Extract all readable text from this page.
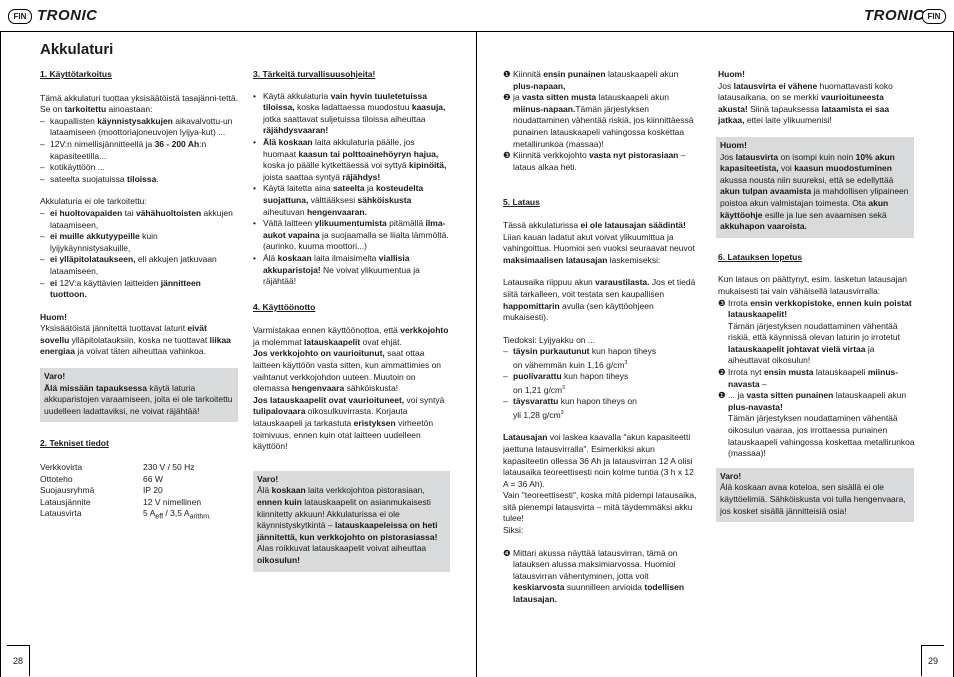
FIN TRONIC	TRONIC FIN
Akkulaturi

1. Käyttötarkoitus

Tämä akkulaturi tuottaa yksisäätöistä tasajänni-tettä. Se on tarkoitettu ainoastaan:

– kaupallisten käynnistysakkujen aikavalvottu-un lataamiseen (moottoriajoneuvojen lyijya-kut) ...
– 12V:n nimellisjännitteellä ja 36 - 200 Ah:n kapasiteetilla...
– kotikäyttöön ...
– sateelta suojatuissa tiloissa.

Akkulaturia ei ole tarkoitettu:

– ei huoltovapaiden tai vähähuoltoisten akkujen lataamiseen,
– ei muille akkutyypeille kuin lyijykäynnistysakuille,
– ei ylläpitolataukseen, eli akkujen jatkuvaan lataamiseen,
– ei 12V:a käyttävien laitteiden jännitteen tuottoon.

Huom!

Yksisäätöistä jännitettä tuottavat laturit eivät sovellu ylläpitolatauksiin, koska ne tuottavat liikaa energiaa ja voivat täten aiheuttaa vahinkoa.

Varo!

Älä missään tapauksessa käytä laturia akkuparistojen varaamiseen, joita ei ole tarkoitettu uudelleen ladattaviksi, ne voivat räjähtää!

2. Tekniset tiedot

Verkkovirta	230 V / 50 Hz
Ottoteho	66 W
Suojausryhmä	IP 20
Latausjännite	12 V nimellinen
Latausvirta	5 $A_{eff} / 3,5$ $A_{arithm.}$

3. Tärkeitä turvallisuusohjeita!

• Käytä akkulaturia vain hyvin tuuletetuissa tiloissa, koska ladattaessa muodostuu kaasuja, jotka saattavat suljetuissa tiloissa aiheuttaa räjähdysvaaran!
• Älä koskaan laita akkulaturia päälle, jos huomaat kaasun tai polttoainehöyryn hajua, koska jo päälle kytkettäessä voi syttyä kipinöitä, joista saattaa syntyä räjähdys!
• Käytä laitetta aina sateelta ja kosteudelta suojattuna, välttääksesi sähköiskusta aiheutuvan hengenvaaran.
• Vältä laitteen ylikuumentumista pitämällä ilma-aukot vapaina ja suojaamalla se liialta lämmöltä. (aurinko, kuuma moottori...)
• Älä koskaan laita ilmaisimelta viallisia akkuparistoja! Ne voivat ylikuumentua ja räjähtää!

4. Käyttöönotto

Varmistakaa ennen käyttöönottoa, että verkkojohto ja molemmat latauskaapelit ovat ehjät.

Jos verkkojohto on vaurioitunut, saat ottaa laitteen käyttöön vasta sitten, kun ammattimies on vaihtanut verkkojohdon uuteen. Muutoin on olemassa hengenvaara sähköiskusta!

Jos latauskaapelit ovat vaurioituneet, voi syntyä tulipalovaara oikosulkuvirrasta. Korjauta latauskaapeli ja tarkastuta eristyksen virheetön toimivuus, ennen kuin otat laitteen uudelleen käyttöön!

Varo!

Älä koskaan laita verkkojohtoa pistorasiaan, ennen kuin latauskaapelit on asianmukaisesti kiinnitetty akkuun! Akkulaturissa ei ole käynnistyskytkintä – latauskaapeleissa on heti jännitettä, kun verkkojohto on pistorasiassa! Alas roikkuvat latauskaapelit voivat aiheuttaa oikosulun!

❶ Kiinnitä ensin punainen latauskaapeli akun plus-napaan,

❷ ja vasta sitten musta latauskaapeli akun miinus-napaan.Tämän järjestyksen noudattaminen vähentää riskiä, jos kiinnittäessä punainen latauskaapeli vahingossa koskettaa metallirunkoa (massaa)!

❸ Kiinnitä verkkojohto vasta nyt pistorasiaan – lataus alkaa heti.

5. Lataus

Tässä akkulaturissa ei ole latausajan säädintä! Liian kauan ladatut akut voivat ylikuumittua ja vahingoittua. Huomioi sen vuoksi seuraavat neuvot maksimaalisen latausajan laskemiseksi:

Latausaika riippuu akun varaustilasta. Jos et tiedä siitä tarkalleen, voit testata sen kaupallisen happomittarin avulla (sen käyttöohjeen mukaisesti).

Tiedoksi: Lyijyakku on ...

– täysin purkautunut kun hapon tiheys
on vähemmän kuin 1,16 $g/cm^3$
– puolivarattu kun hapon tiheys
on 1,21 $g/cm^3$
– täysvarattu kun hapon tiheys on
yli 1,28 $g/cm^3$

Latausajan voi laskea kaavalla "akun kapasiteetti jaettuna latausvirralla". Esimerkiksi akun kapasiteetin ollessa 36 Ah ja latausvirran 12 A olisi latausaika teoreettisesti noin kolme tuntia (3 h x 12 A = 36 Ah).

Vain "teoreettisesti", koska mitä pidempi latausaika, sitä pienempi latausvirta – mitä täydemmäksi akku tulee!

Siksi:

❹ Mittari akussa näyttää latausvirran, tämä on latauksen alussa maksimiarvossa. Huomioi latausvirran vähentyminen, jotta voit keskiarvosta suunnilleen arvioida todellisen latausajan.

Huom!

Jos latausvirta ei vähene huomattavasti koko latausaikana, on se merkki vaurioituneesta akusta! Siinä tapauksessa lataamista ei saa jatkaa, ettei laite ylikuumenisi!

Huom!

Jos latausvirta on isompi kuin noin 10% akun kapasiteetista, voi kaasun muodostuminen akussa nousta niin suureksi, että se edellyttää akun tulpan avaamista ja mahdollisen ylipaineen poistoa akun valmistajan toimesta. Ota akun käyttöohje esille ja lue sen avaamisen sekä akkuhapon vaaroista.

6. Latauksen lopetus

Kun lataus on päättynyt, esim. lasketun latausajan mukaisesti tai vain vähäisellä latausvirralla:

❸ Irrota ensin verkkopistoke, ennen kuin poistat latauskaapelit!
Tämän järjestyksen noudattaminen vähentää riskiä, että käynnissä olevan laturin jo irrotetut latauskaapelit johtavat vielä virtaa ja aiheuttavat oikosulun!

❷ Irrota nyt ensin musta latauskaapeli miinus-navasta –

❶ ... ja vasta sitten punainen latauskaapeli akun plus-navasta!
Tämän järjestyksen noudattaminen vähentää oikosulun vaaraa, jos irrottaessa punainen latauskaapeli vahingossa koskettaa metallirunkoa (massaa)!

Varo!

Älä koskaan avaa koteloa, sen sisällä ei ole käyttöelimiä. Sähköiskusta voi tulla hengenvaara, jos kosket sisällä jännitteisiä osia!

28	29
